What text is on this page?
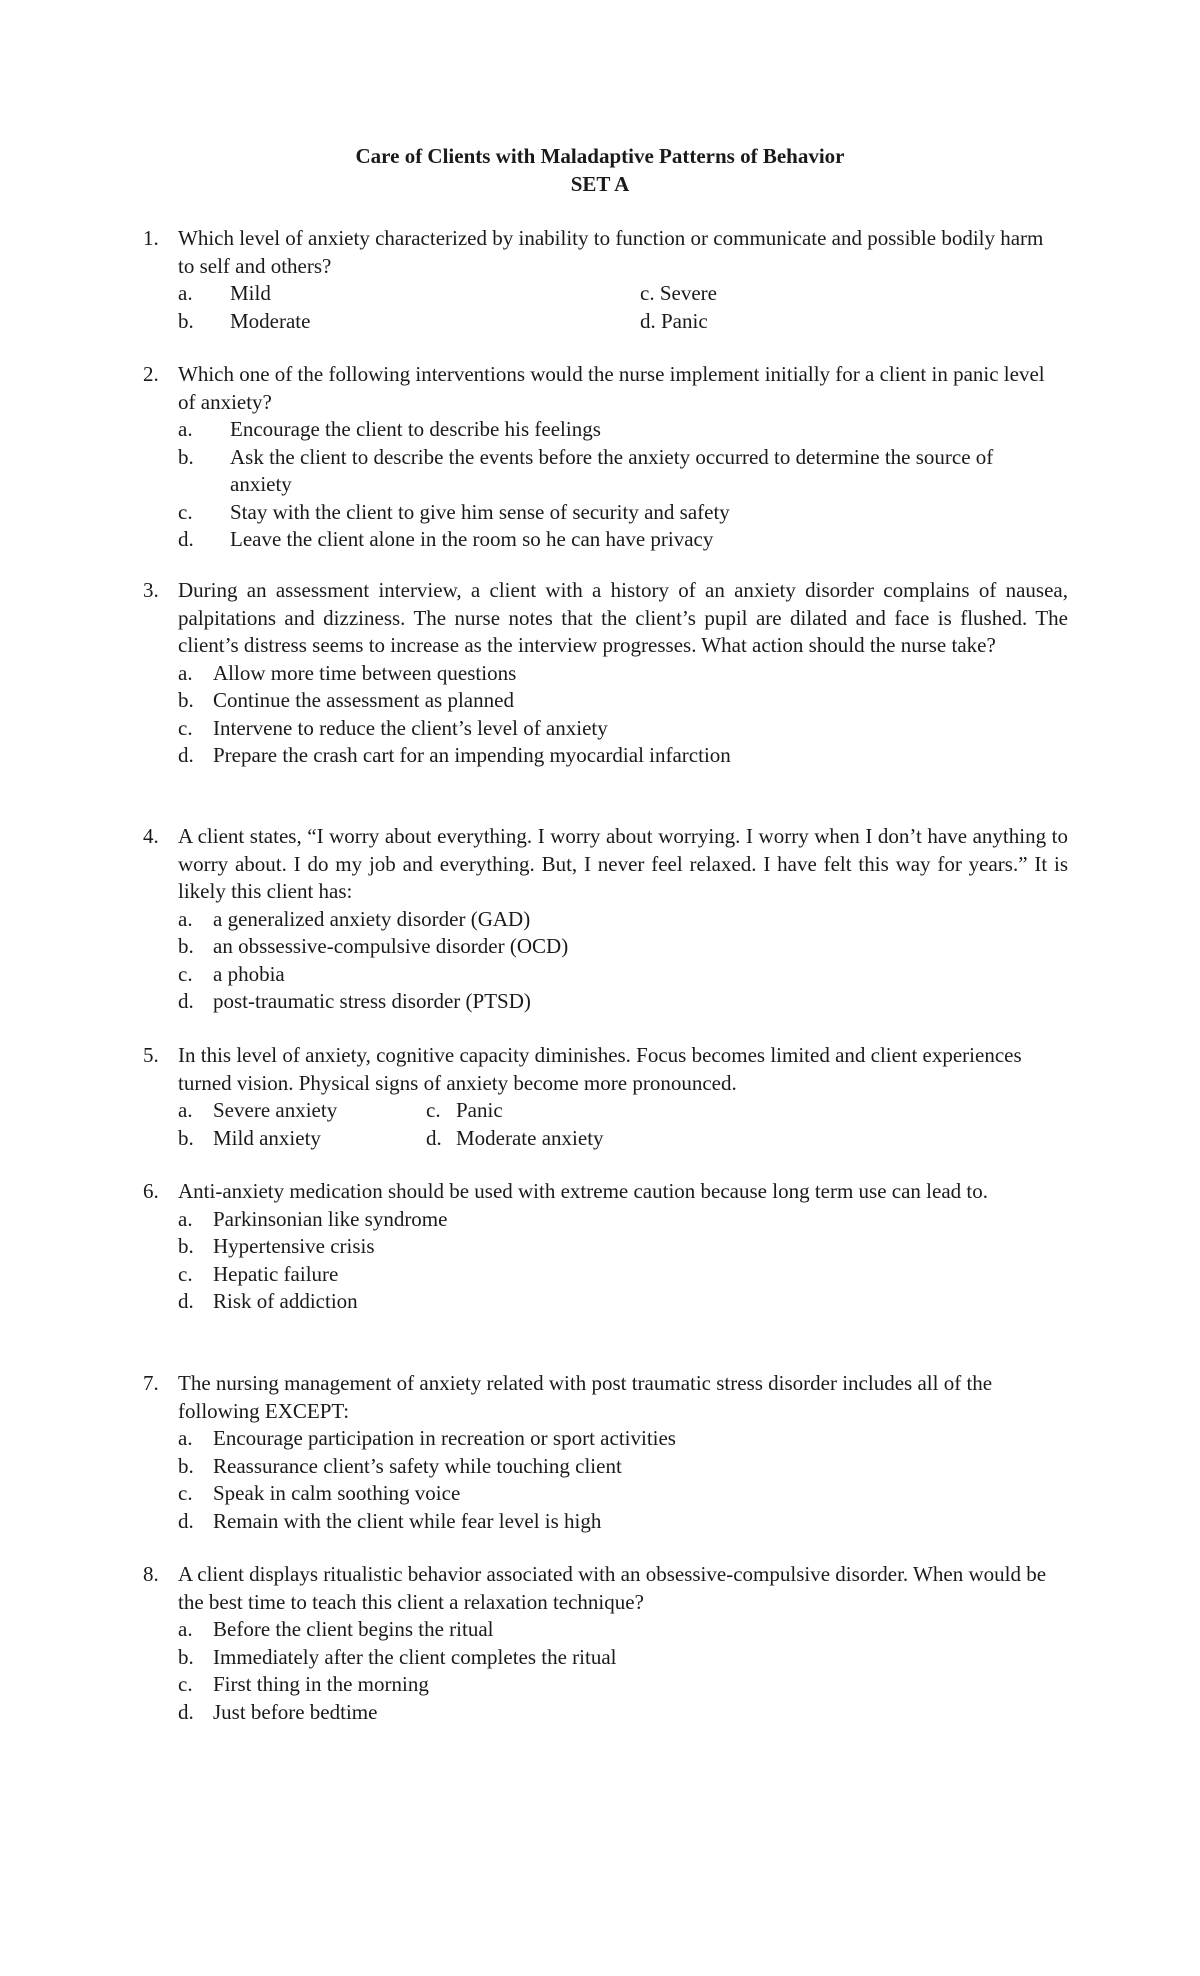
Care of Clients with Maladaptive Patterns of Behavior
SET A
1. Which level of anxiety characterized by inability to function or communicate and possible bodily harm to self and others?
a. Mild	c. Severe
b. Moderate	d. Panic
2. Which one of the following interventions would the nurse implement initially for a client in panic level of anxiety?
a. Encourage the client to describe his feelings
b. Ask the client to describe the events before the anxiety occurred to determine the source of anxiety
c. Stay with the client to give him sense of security and safety
d. Leave the client alone in the room so he can have privacy
3. During an assessment interview, a client with a history of an anxiety disorder complains of nausea, palpitations and dizziness. The nurse notes that the client’s pupil are dilated and face is flushed. The client’s distress seems to increase as the interview progresses. What action should the nurse take?
a. Allow more time between questions
b. Continue the assessment as planned
c. Intervene to reduce the client’s level of anxiety
d. Prepare the crash cart for an impending myocardial infarction
4. A client states, “I worry about everything. I worry about worrying. I worry when I don’t have anything to worry about. I do my job and everything. But, I never feel relaxed. I have felt this way for years.” It is likely this client has:
a. a generalized anxiety disorder (GAD)
b. an obssessive-compulsive disorder (OCD)
c. a phobia
d. post-traumatic stress disorder (PTSD)
5. In this level of anxiety, cognitive capacity diminishes. Focus becomes limited and client experiences turned vision. Physical signs of anxiety become more pronounced.
a. Severe anxiety	c. Panic
b. Mild anxiety	d. Moderate anxiety
6. Anti-anxiety medication should be used with extreme caution because long term use can lead to.
a. Parkinsonian like syndrome
b. Hypertensive crisis
c. Hepatic failure
d. Risk of addiction
7. The nursing management of anxiety related with post traumatic stress disorder includes all of the following EXCEPT:
a. Encourage participation in recreation or sport activities
b. Reassurance client’s safety while touching client
c. Speak in calm soothing voice
d. Remain with the client while fear level is high
8. A client displays ritualistic behavior associated with an obsessive-compulsive disorder. When would be the best time to teach this client a relaxation technique?
a. Before the client begins the ritual
b. Immediately after the client completes the ritual
c. First thing in the morning
d. Just before bedtime
